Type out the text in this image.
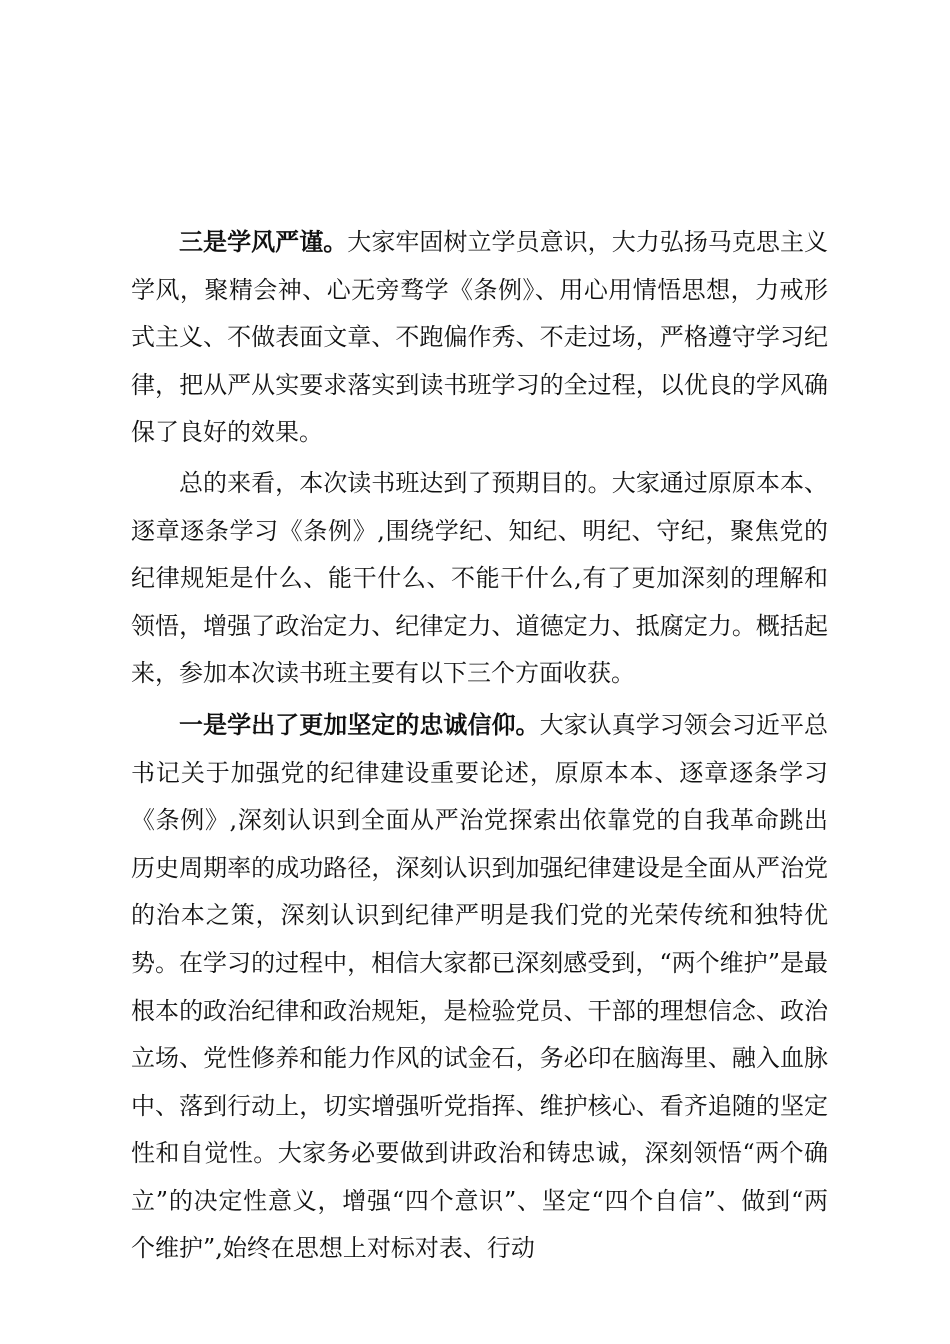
三是学风严谨。大家牢固树立学员意识，大力弘扬马克思主义学风，聚精会神、心无旁骛学《条例》、用心用情悟思想，力戒形式主义、不做表面文章、不跑偏作秀、不走过场，严格遵守学习纪律，把从严从实要求落实到读书班学习的全过程，以优良的学风确保了良好的效果。

总的来看，本次读书班达到了预期目的。大家通过原原本本、逐章逐条学习《条例》,围绕学纪、知纪、明纪、守纪，聚焦党的纪律规矩是什么、能干什么、不能干什么,有了更加深刻的理解和领悟，增强了政治定力、纪律定力、道德定力、抵腐定力。概括起来，参加本次读书班主要有以下三个方面收获。

一是学出了更加坚定的忠诚信仰。大家认真学习领会习近平总书记关于加强党的纪律建设重要论述，原原本本、逐章逐条学习《条例》,深刻认识到全面从严治党探索出依靠党的自我革命跳出历史周期率的成功路径，深刻认识到加强纪律建设是全面从严治党的治本之策，深刻认识到纪律严明是我们党的光荣传统和独特优势。在学习的过程中，相信大家都已深刻感受到，“两个维护”是最根本的政治纪律和政治规矩，是检验党员、干部的理想信念、政治立场、党性修养和能力作风的试金石，务必印在脑海里、融入血脉中、落到行动上，切实增强听党指挥、维护核心、看齐追随的坚定性和自觉性。大家务必要做到讲政治和铸忠诚，深刻领悟“两个确立”的决定性意义，增强“四个意识”、坚定“四个自信”、做到“两个维护”,始终在思想上对标对表、行动
